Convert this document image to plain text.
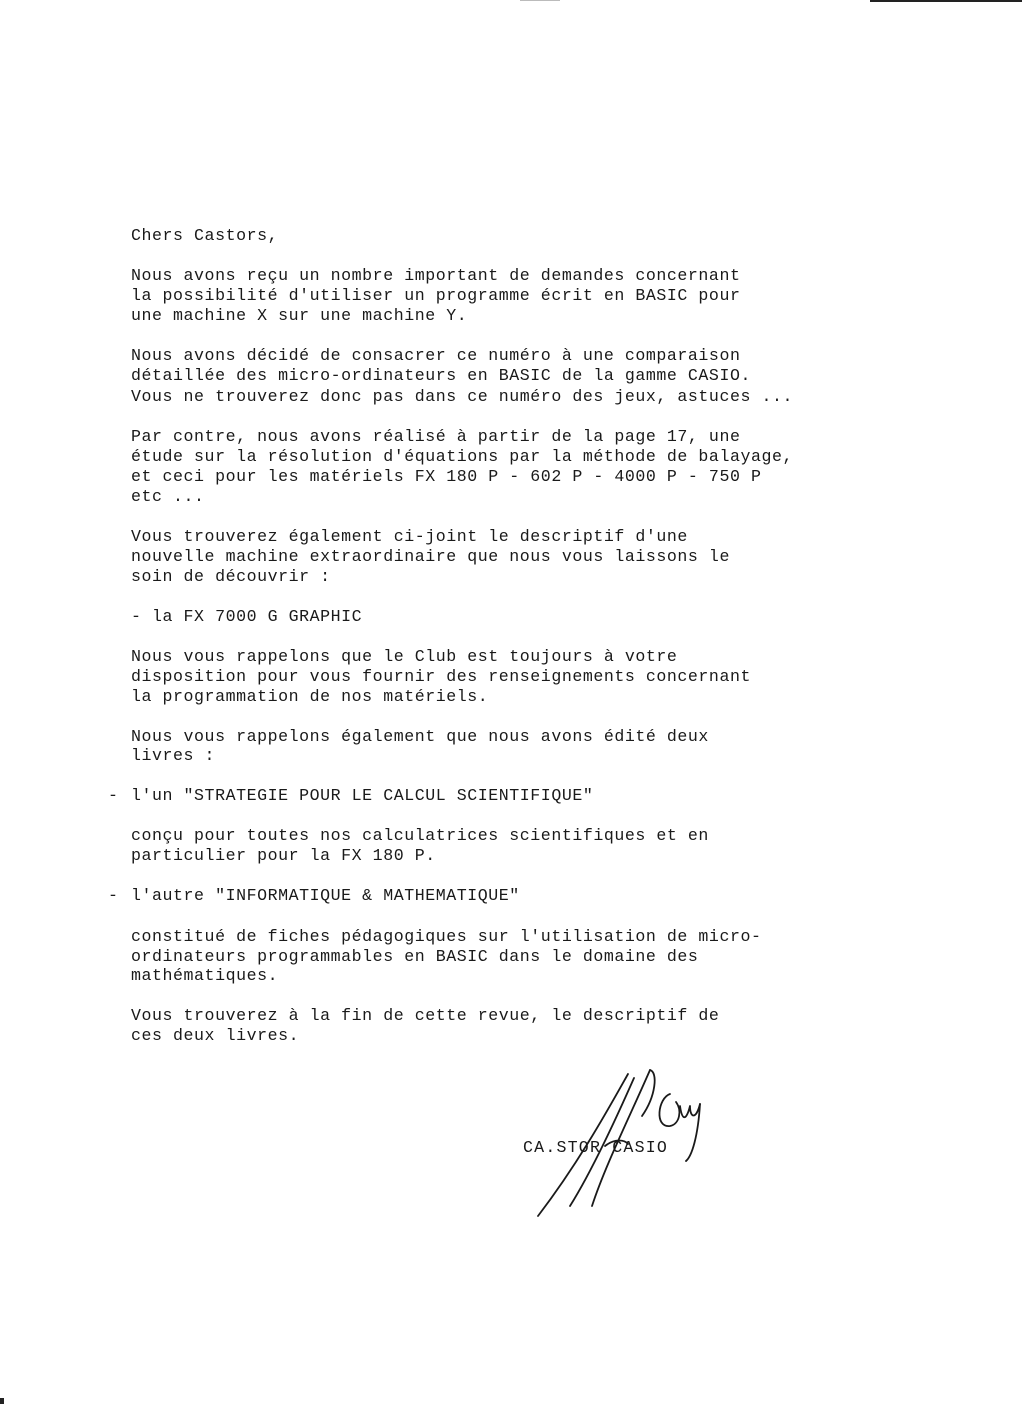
Chers Castors,
Nous avons reçu un nombre important de demandes concernant
la possibilité d'utiliser un programme écrit en BASIC pour
une machine X sur une machine Y.
Nous avons décidé de consacrer ce numéro à une comparaison
détaillée des micro-ordinateurs en BASIC de la gamme CASIO.
Vous ne trouverez donc pas dans ce numéro des jeux, astuces ...
Par contre, nous avons réalisé à partir de la page 17, une
étude sur la résolution d'équations par la méthode de balayage,
et ceci pour les matériels FX 180 P - 602 P - 4000 P - 750 P
etc ...
Vous trouverez également ci-joint le descriptif d'une
nouvelle machine extraordinaire que nous vous laissons le
soin de découvrir :
- la FX 7000 G GRAPHIC
Nous vous rappelons que le Club est toujours à votre
disposition pour vous fournir des renseignements concernant
la programmation de nos matériels.
Nous vous rappelons également que nous avons édité deux
livres :
- l'un "STRATEGIE POUR LE CALCUL SCIENTIFIQUE"
conçu pour toutes nos calculatrices scientifiques et en
particulier pour la FX 180 P.
- l'autre "INFORMATIQUE & MATHEMATIQUE"
constitué de fiches pédagogiques sur l'utilisation de micro-
ordinateurs programmables en BASIC dans le domaine des
mathématiques.
Vous trouverez à la fin de cette revue, le descriptif de
ces deux livres.
CA.STOR CASIO
